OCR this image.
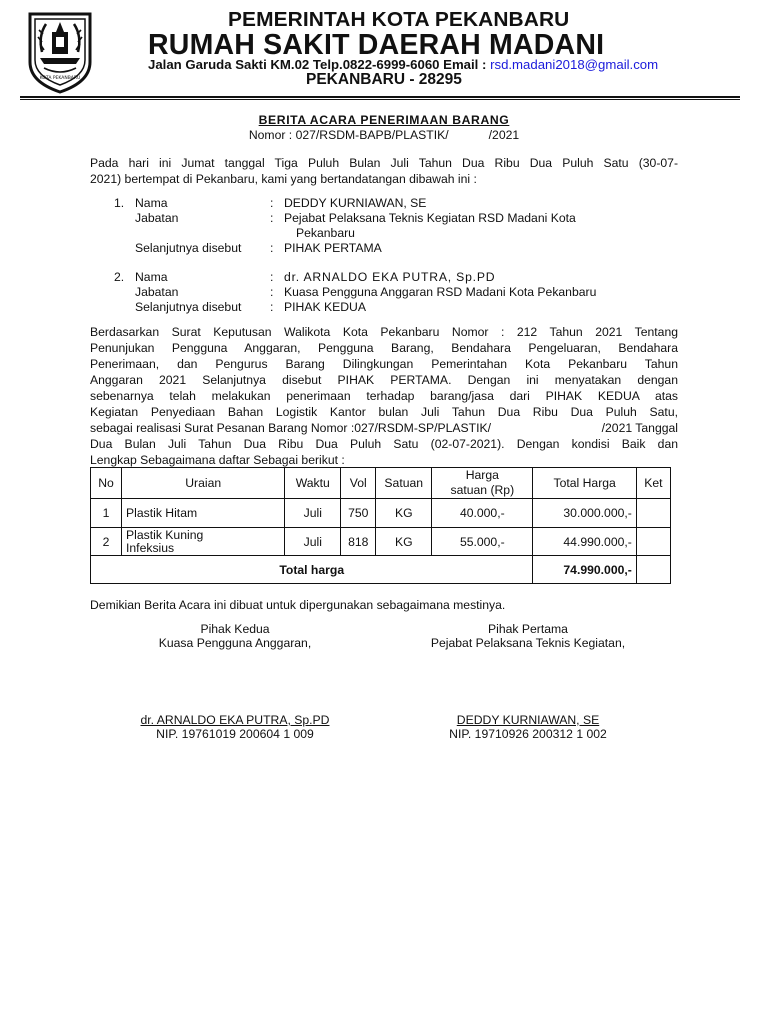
KOTA PEKANBARU
PEMERINTAH KOTA PEKANBARU
RUMAH SAKIT DAERAH MADANI
Jalan Garuda Sakti KM.02 Telp.0822-6999-6060 Email : rsd.madani2018@gmail.com
PEKANBARU - 28295
BERITA ACARA PENERIMAAN BARANG
Nomor : 027/RSDM-BAPB/PLASTIK/	/2021
Pada hari ini Jumat tanggal Tiga Puluh Bulan Juli Tahun Dua Ribu Dua Puluh Satu (30-07-
2021) bertempat di Pekanbaru, kami yang bertandatangan dibawah ini :
1. Nama	: DEDDY KURNIAWAN, SE
Jabatan	: Pejabat Pelaksana Teknis Kegiatan RSD Madani Kota
Pekanbaru
Selanjutnya disebut : PIHAK PERTAMA
2. Nama	: dr. ARNALDO EKA PUTRA, Sp.PD
Jabatan	: Kuasa Pengguna Anggaran RSD Madani Kota Pekanbaru
Selanjutnya disebut : PIHAK KEDUA
Berdasarkan Surat Keputusan Walikota Kota Pekanbaru Nomor : 212 Tahun 2021 Tentang
Penunjukan Pengguna Anggaran, Pengguna Barang, Bendahara Pengeluaran, Bendahara
Penerimaan, dan Pengurus Barang Dilingkungan Pemerintahan Kota Pekanbaru Tahun
Anggaran 2021 Selanjutnya disebut PIHAK PERTAMA. Dengan ini menyatakan dengan
sebenarnya telah melakukan penerimaan terhadap barang/jasa dari PIHAK KEDUA atas
Kegiatan Penyediaan Bahan Logistik Kantor bulan Juli Tahun Dua Ribu Dua Puluh Satu,
sebagai realisasi Surat Pesanan Barang Nomor :027/RSDM-SP/PLASTIK/	/2021 Tanggal
Dua Bulan Juli Tahun Dua Ribu Dua Puluh Satu (02-07-2021). Dengan kondisi Baik dan
Lengkap Sebagaimana daftar Sebagai berikut :
No	Uraian	Waktu	Vol	Satuan	Harga
satuan (Rp)	Total Harga	Ket
1	Plastik Hitam	Juli	750	KG	40.000,-	30.000.000,-	
2	Plastik Kuning
Infeksius	Juli	818	KG	55.000,-	44.990.000,-	
Total harga						74.990.000,-	
Demikian Berita Acara ini dibuat untuk dipergunakan sebagaimana mestinya.
Pihak Kedua
Kuasa Pengguna Anggaran,
Pihak Pertama
Pejabat Pelaksana Teknis Kegiatan,
dr. ARNALDO EKA PUTRA, Sp.PD
NIP. 19761019 200604 1 009
DEDDY KURNIAWAN, SE
NIP. 19710926 200312 1 002
